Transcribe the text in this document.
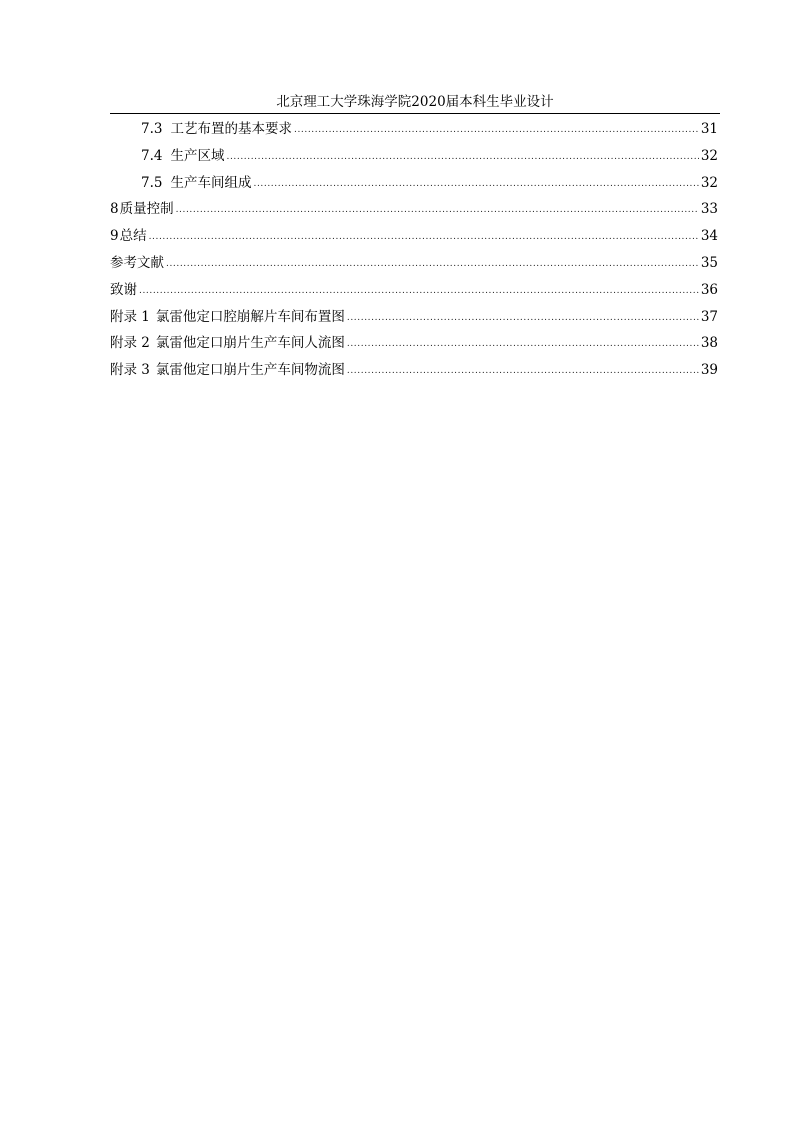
北京理工大学珠海学院2020届本科生毕业设计
7.3 工艺布置的基本要求 .....	31
7.4 生产区域 .....	32
7.5 生产车间组成 .....	32
8 质量控制 .....	33
9 总结 .....	34
参考文献 .....	35
致谢 .....	36
附录 1 氯雷他定口腔崩解片车间布置图 .....	37
附录 2 氯雷他定口崩片生产车间人流图 .....	38
附录 3 氯雷他定口崩片生产车间物流图 .....	39
